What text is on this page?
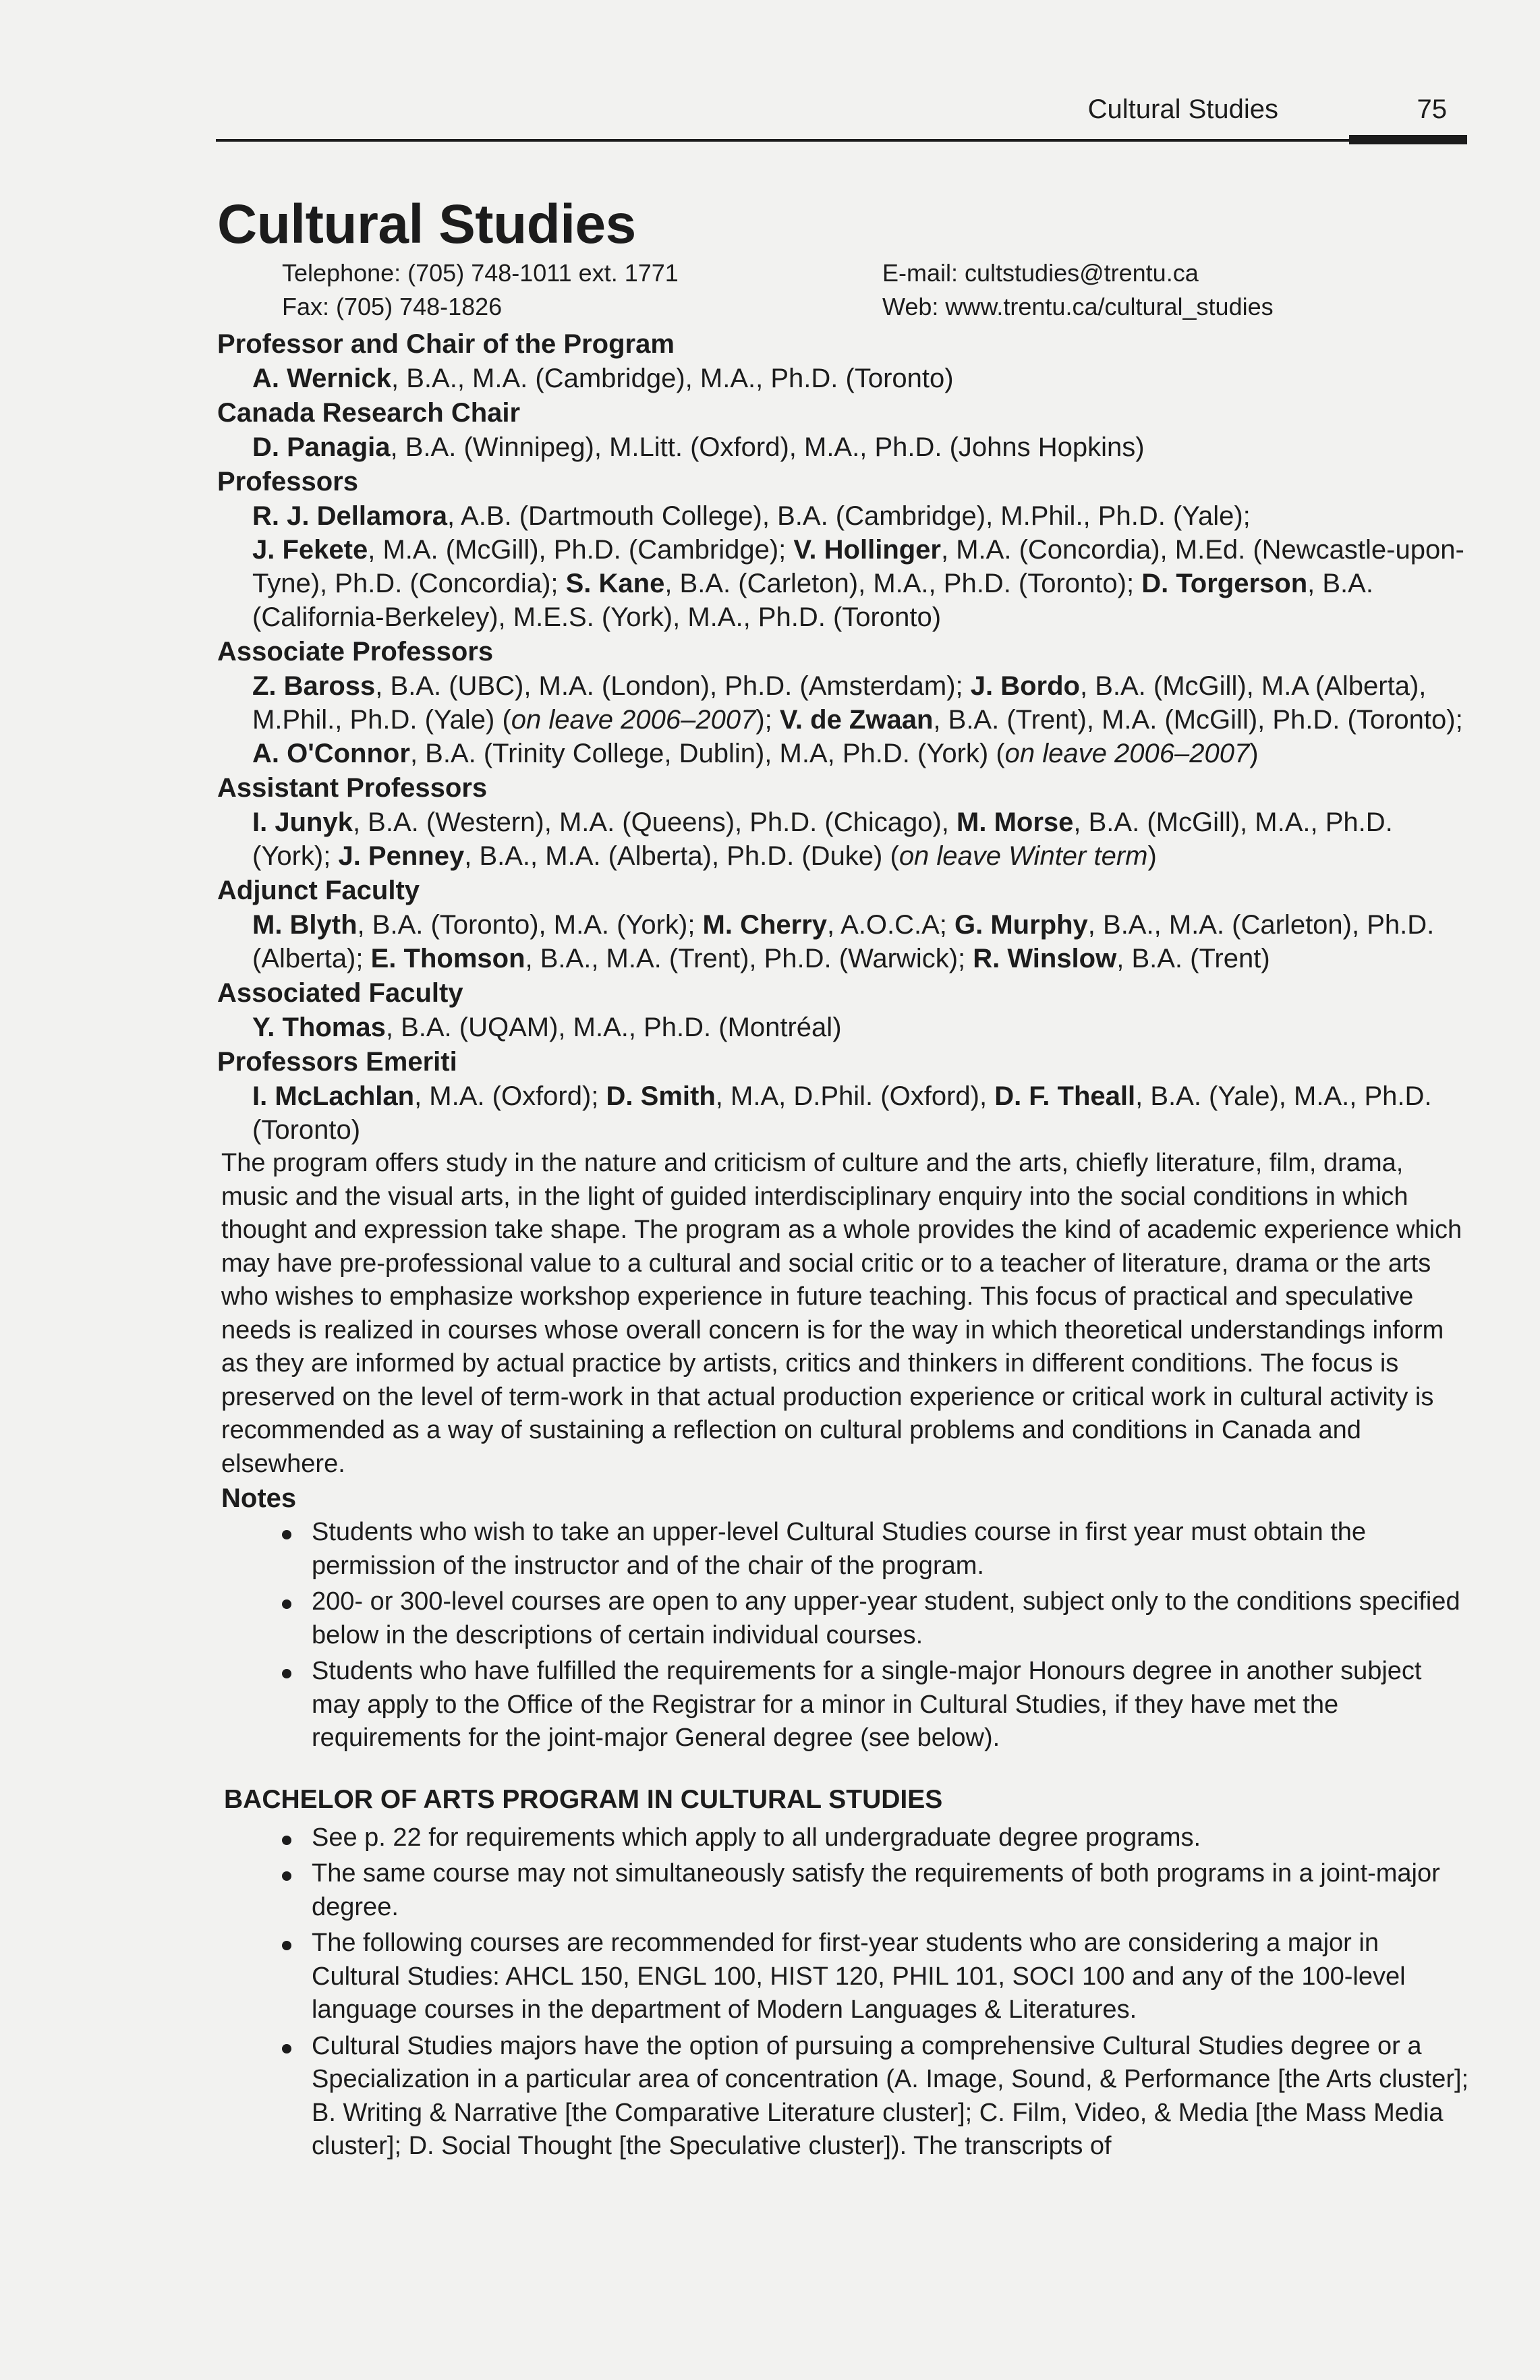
Cultural Studies	75
Cultural Studies
Telephone: (705) 748-1011 ext. 1771
Fax: (705) 748-1826
E-mail: cultstudies@trentu.ca
Web: www.trentu.ca/cultural_studies
Professor and Chair of the Program

A. Wernick, B.A., M.A. (Cambridge), M.A., Ph.D. (Toronto)

Canada Research Chair

D. Panagia, B.A. (Winnipeg), M.Litt. (Oxford), M.A., Ph.D. (Johns Hopkins)

Professors

R. J. Dellamora, A.B. (Dartmouth College), B.A. (Cambridge), M.Phil., Ph.D. (Yale);
J. Fekete, M.A. (McGill), Ph.D. (Cambridge); V. Hollinger, M.A. (Concordia), M.Ed. (Newcastle-upon-Tyne), Ph.D. (Concordia); S. Kane, B.A. (Carleton), M.A., Ph.D. (Toronto); D. Torgerson, B.A. (California-Berkeley), M.E.S. (York), M.A., Ph.D. (Toronto)

Associate Professors

Z. Baross, B.A. (UBC), M.A. (London), Ph.D. (Amsterdam); J. Bordo, B.A. (McGill), M.A (Alberta), M.Phil., Ph.D. (Yale) (on leave 2006–2007); V. de Zwaan, B.A. (Trent), M.A. (McGill), Ph.D. (Toronto); A. O'Connor, B.A. (Trinity College, Dublin), M.A, Ph.D. (York) (on leave 2006–2007)

Assistant Professors

I. Junyk, B.A. (Western), M.A. (Queens), Ph.D. (Chicago), M. Morse, B.A. (McGill), M.A., Ph.D. (York); J. Penney, B.A., M.A. (Alberta), Ph.D. (Duke) (on leave Winter term)

Adjunct Faculty

M. Blyth, B.A. (Toronto), M.A. (York); M. Cherry, A.O.C.A; G. Murphy, B.A., M.A. (Carleton), Ph.D. (Alberta); E. Thomson, B.A., M.A. (Trent), Ph.D. (Warwick); R. Winslow, B.A. (Trent)

Associated Faculty

Y. Thomas, B.A. (UQAM), M.A., Ph.D. (Montréal)

Professors Emeriti

I. McLachlan, M.A. (Oxford); D. Smith, M.A, D.Phil. (Oxford), D. F. Theall, B.A. (Yale), M.A., Ph.D. (Toronto)

The program offers study in the nature and criticism of culture and the arts, chiefly literature, film, drama, music and the visual arts, in the light of guided interdisciplinary enquiry into the social conditions in which thought and expression take shape. The program as a whole provides the kind of academic experience which may have pre-professional value to a cultural and social critic or to a teacher of literature, drama or the arts who wishes to emphasize workshop experience in future teaching. This focus of practical and speculative needs is realized in courses whose overall concern is for the way in which theoretical understandings inform as they are informed by actual practice by artists, critics and thinkers in different conditions. The focus is preserved on the level of term-work in that actual production experience or critical work in cultural activity is recommended as a way of sustaining a reflection on cultural problems and conditions in Canada and elsewhere.

Notes
Students who wish to take an upper-level Cultural Studies course in first year must obtain the permission of the instructor and of the chair of the program.
200- or 300-level courses are open to any upper-year student, subject only to the conditions specified below in the descriptions of certain individual courses.
Students who have fulfilled the requirements for a single-major Honours degree in another subject may apply to the Office of the Registrar for a minor in Cultural Studies, if they have met the requirements for the joint-major General degree (see below).
BACHELOR OF ARTS PROGRAM IN CULTURAL STUDIES
See p. 22 for requirements which apply to all undergraduate degree programs.
The same course may not simultaneously satisfy the requirements of both programs in a joint-major degree.
The following courses are recommended for first-year students who are considering a major in Cultural Studies: AHCL 150, ENGL 100, HIST 120, PHIL 101, SOCI 100 and any of the 100-level language courses in the department of Modern Languages & Literatures.
Cultural Studies majors have the option of pursuing a comprehensive Cultural Studies degree or a Specialization in a particular area of concentration (A. Image, Sound, & Performance [the Arts cluster]; B. Writing & Narrative [the Comparative Literature cluster]; C. Film, Video, & Media [the Mass Media cluster]; D. Social Thought [the Speculative cluster]). The transcripts of
